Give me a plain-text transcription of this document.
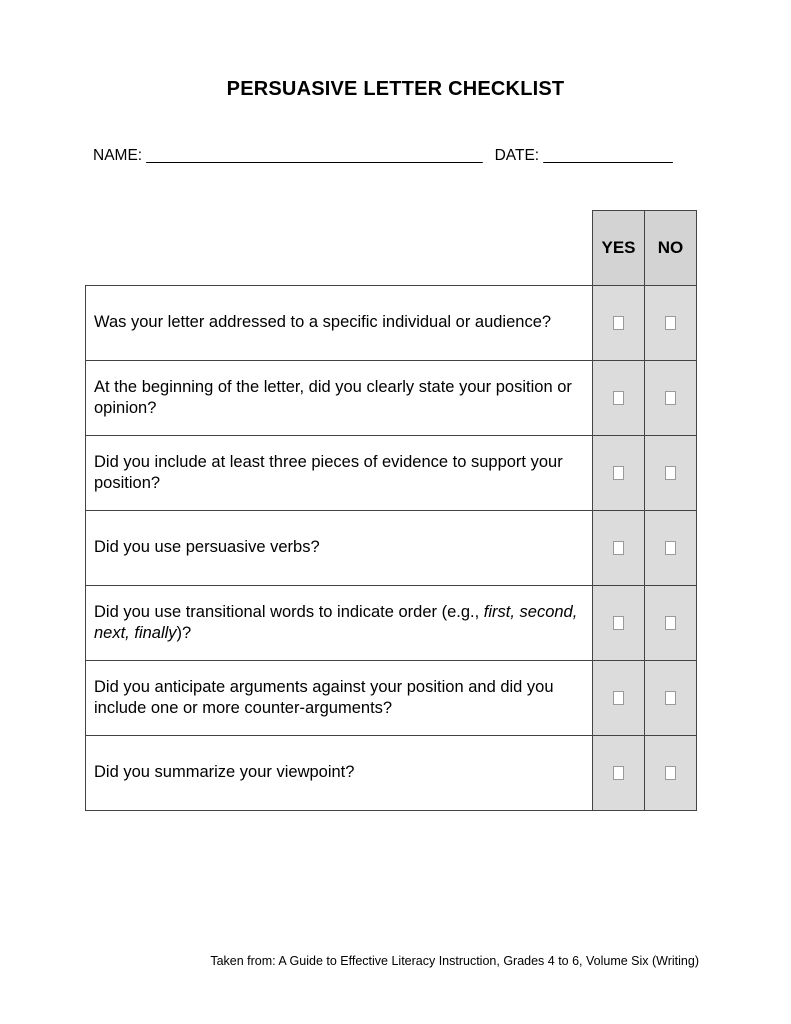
PERSUASIVE LETTER CHECKLIST
NAME: _______________________________________ DATE: _______________
	YES	NO
Was your letter addressed to a specific individual or audience?		
At the beginning of the letter, did you clearly state your position or opinion?		
Did you include at least three pieces of evidence to support your position?		
Did you use persuasive verbs?		
Did you use transitional words to indicate order (e.g., first, second, next, finally)?		
Did you anticipate arguments against your position and did you include one or more counter-arguments?		
Did you summarize your viewpoint?		
Taken from: A Guide to Effective Literacy Instruction, Grades 4 to 6, Volume Six (Writing)
